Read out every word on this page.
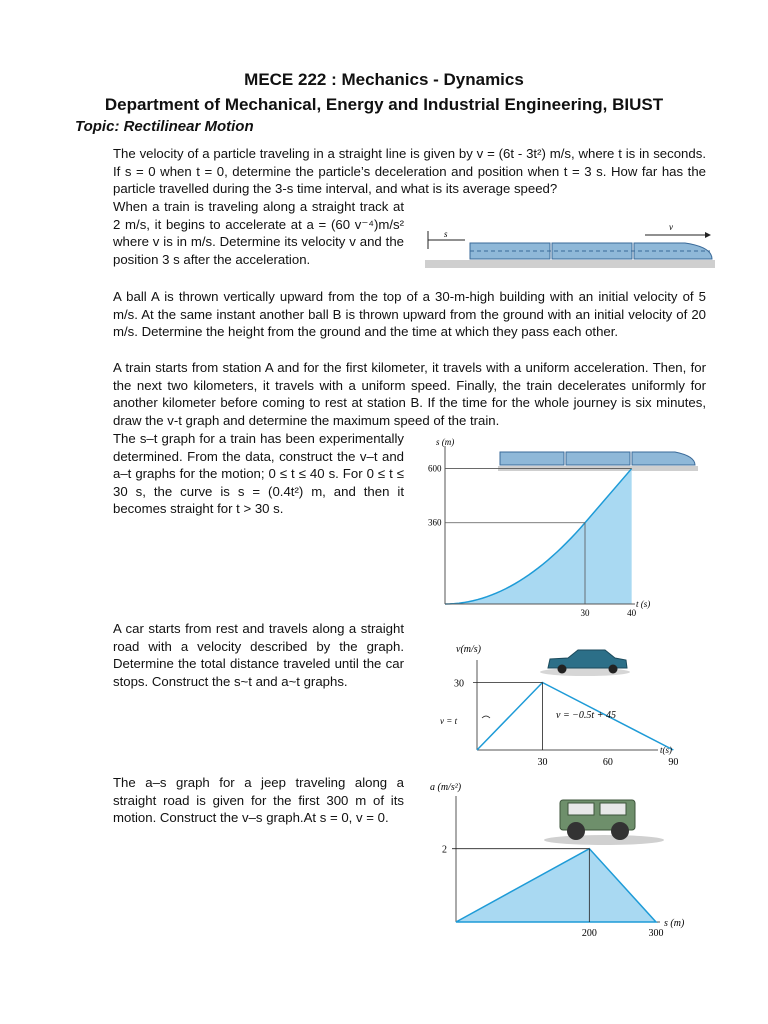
MECE 222 : Mechanics - Dynamics
Department of Mechanical, Energy and Industrial Engineering, BIUST
Topic: Rectilinear Motion
The velocity of a particle traveling in a straight line is given by v = (6t - 3t²) m/s, where t is in seconds. If s = 0 when t = 0, determine the particle’s deceleration and position when t = 3 s. How far has the particle travelled during the 3-s time interval, and what is its average speed?
When a train is traveling along a straight track at 2 m/s, it begins to accelerate at a = (60 v⁻⁴)m/s² where v is in m/s. Determine its velocity v and the position 3 s after the acceleration.
A ball A is thrown vertically upward from the top of a 30-m-high building with an initial velocity of 5 m/s. At the same instant another ball B is thrown upward from the ground with an initial velocity of 20 m/s. Determine the height from the ground and the time at which they pass each other.
A train starts from station A and for the first kilometer, it travels with a uniform acceleration. Then, for the next two kilometers, it travels with a uniform speed. Finally, the train decelerates uniformly for another kilometer before coming to rest at station B. If the time for the whole journey is six minutes, draw the v-t graph and determine the maximum speed of the train.
The s–t graph for a train has been experimentally determined. From the data, construct the v–t and a–t graphs for the motion; 0 ≤ t ≤ 40 s. For 0 ≤ t ≤ 30 s, the curve is s = (0.4t²) m, and then it becomes straight for t > 30 s.
A car starts from rest and travels along a straight road with a velocity described by the graph. Determine the total distance traveled until the car stops. Construct the s~t and a~t graphs.
The a–s graph for a jeep traveling along a straight road is given for the first 300 m of its motion. Construct the v–s graph.At s = 0, v = 0.
s
v
s (m)
t (s)
600
360
30	40
v(m/s)
t(s)
30
30	60	90
v = t	v = −0.5t + 45
a (m/s²)
s (m)
2
200	300
